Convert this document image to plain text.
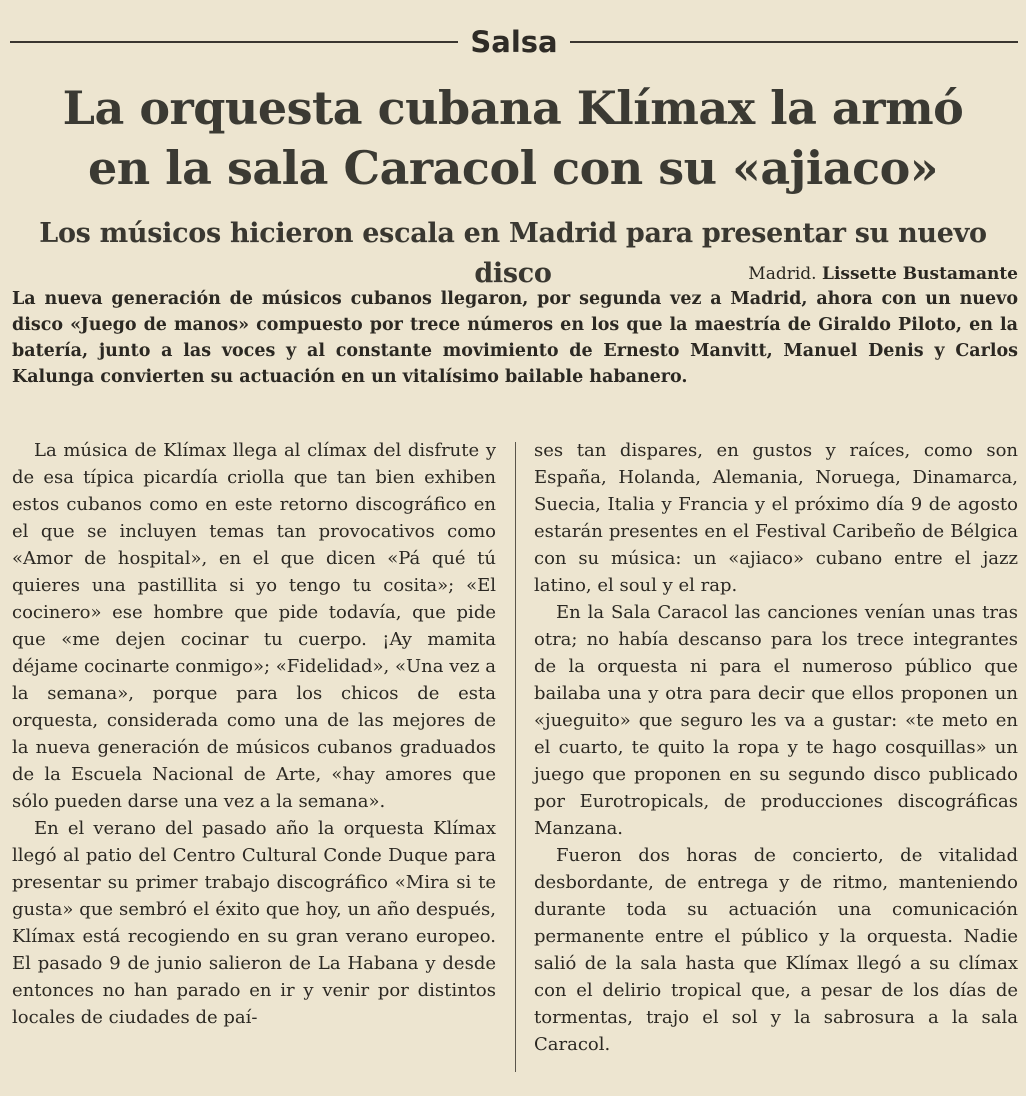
Salsa
La orquesta cubana Klímax la armó
en la sala Caracol con su «ajiaco»
Los músicos hicieron escala en Madrid para presentar su nuevo disco	Madrid. Lissette Bustamante

La nueva generación de músicos cubanos llegaron, por segunda vez a Madrid, ahora con un nuevo disco «Juego de manos» compuesto por trece números en los que la maestría de Giraldo Piloto, en la batería, junto a las voces y al constante movimiento de Ernesto Manvitt, Manuel Denis y Carlos Kalunga convierten su actuación en un vitalísimo bailable habanero.

La música de Klímax llega al clímax del disfrute y de esa típica picardía criolla que tan bien exhiben estos cubanos como en este retorno discográfico en el que se incluyen temas tan provocativos como «Amor de hospital», en el que dicen «Pá qué tú quieres una pastillita si yo tengo tu cosita»; «El cocinero» ese hombre que pide todavía, que pide que «me dejen cocinar tu cuerpo. ¡Ay mamita déjame cocinarte conmigo»; «Fidelidad», «Una vez a la semana», porque para los chicos de esta orquesta, considerada como una de las mejores de la nueva generación de músicos cubanos graduados de la Escuela Nacional de Arte, «hay amores que sólo pueden darse una vez a la semana».

En el verano del pasado año la orquesta Klímax llegó al patio del Centro Cultural Conde Duque para presentar su primer trabajo discográfico «Mira si te gusta» que sembró el éxito que hoy, un año después, Klímax está recogiendo en su gran verano europeo. El pasado 9 de junio salieron de La Habana y desde entonces no han parado en ir y venir por distintos locales de ciudades de paí-

ses tan dispares, en gustos y raíces, como son España, Holanda, Alemania, Noruega, Dinamarca, Suecia, Italia y Francia y el próximo día 9 de agosto estarán presentes en el Festival Caribeño de Bélgica con su música: un «ajiaco» cubano entre el jazz latino, el soul y el rap.

En la Sala Caracol las canciones venían unas tras otra; no había descanso para los trece integrantes de la orquesta ni para el numeroso público que bailaba una y otra para decir que ellos proponen un «jueguito» que seguro les va a gustar: «te meto en el cuarto, te quito la ropa y te hago cosquillas» un juego que proponen en su segundo disco publicado por Eurotropicals, de producciones discográficas Manzana.

Fueron dos horas de concierto, de vitalidad desbordante, de entrega y de ritmo, manteniendo durante toda su actuación una comunicación permanente entre el público y la orquesta. Nadie salió de la sala hasta que Klímax llegó a su clímax con el delirio tropical que, a pesar de los días de tormentas, trajo el sol y la sabrosura a la sala Caracol.
